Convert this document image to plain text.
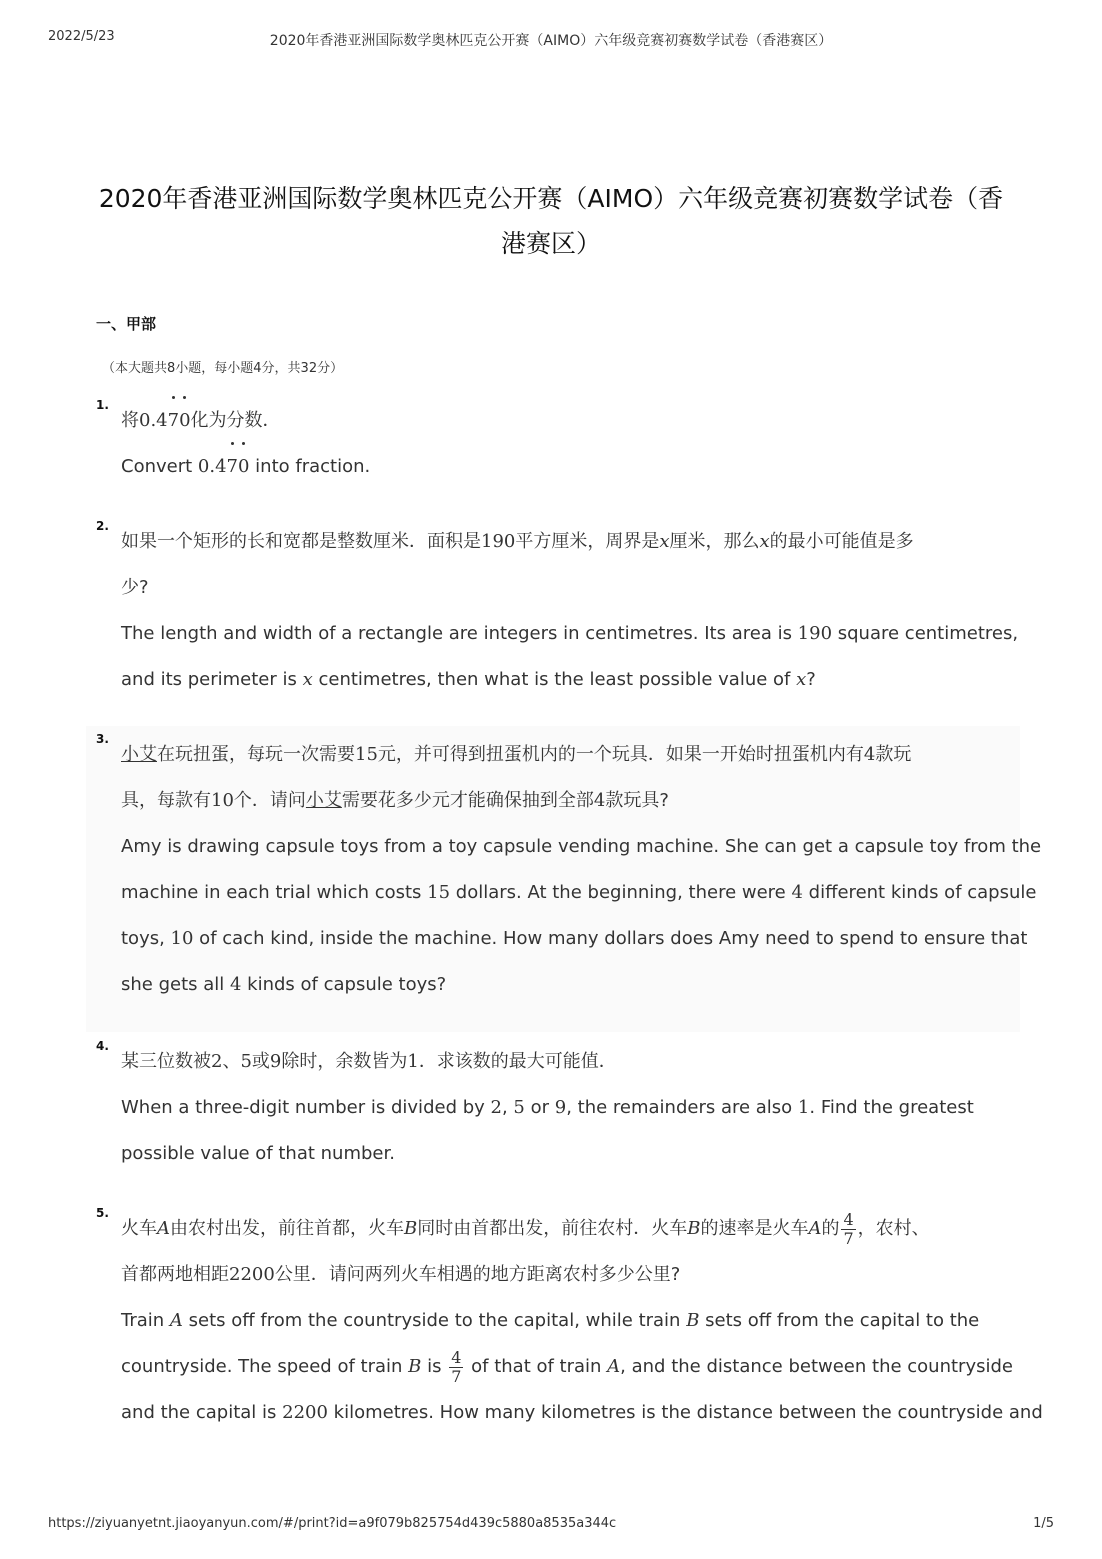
2022/5/23	2020年香港亚洲国际数学奥林匹克公开赛（AIMO）六年级竞赛初赛数学试卷（香港赛区）
2020年香港亚洲国际数学奥林匹克公开赛（AIMO）六年级竞赛初赛数学试卷（香
港赛区）
一、甲部
（本大题共8小题，每小题4分，共32分）
1.
将0.470化为分数．
Convert 0.470 into fraction.
2.
如果一个矩形的长和宽都是整数厘米．面积是190平方厘米，周界是x厘米，那么x的最小可能值是多
少?
The length and width of a rectangle are integers in centimetres. Its area is 190 square centimetres,
and its perimeter is x centimetres, then what is the least possible value of x?
3.
小艾在玩扭蛋，每玩一次需要15元，并可得到扭蛋机内的一个玩具．如果一开始时扭蛋机内有4款玩
具，每款有10个．请问小艾需要花多少元才能确保抽到全部4款玩具?
Amy is drawing capsule toys from a toy capsule vending machine. She can get a capsule toy from the
machine in each trial which costs 15 dollars. At the beginning, there were 4 different kinds of capsule
toys, 10 of cach kind, inside the machine. How many dollars does Amy need to spend to ensure that
she gets all 4 kinds of capsule toys?
4.
某三位数被2、5或9除时，余数皆为1．求该数的最大可能值．
When a three-digit number is divided by 2, 5 or 9, the remainders are also 1. Find the greatest
possible value of that number.
5.
火车A由农村出发，前往首都，火车B同时由首都出发，前往农村．火车B的速率是火车A的 $\frac{4}{7}$ ，农村、
首都两地相距2200公里．请问两列火车相遇的地方距离农村多少公里?
Train A sets off from the countryside to the capital, while train B sets off from the capital to the
countryside. The speed of train B is $\frac{4}{7}$ of that of train A, and the distance between the countryside
and the capital is 2200 kilometres. How many kilometres is the distance between the countryside and
https://ziyuanyetnt.jiaoyanyun.com/#/print?id=a9f079b825754d439c5880a8535a344c	1/5
